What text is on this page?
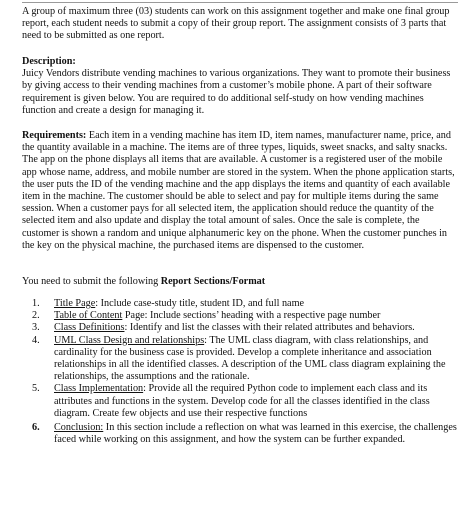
A group of maximum three (03) students can work on this assignment together and make one final group report, each student needs to submit a copy of their group report. The assignment consists of 3 parts that need to be submitted as one report.

Description:

Juicy Vendors distribute vending machines to various organizations. They want to promote their business by giving access to their vending machines from a customer’s mobile phone. A part of their software requirement is given below. You are required to do additional self-study on how vending machines function and create a design for managing it.

Requirements: Each item in a vending machine has item ID, item names, manufacturer name, price, and the quantity available in a machine. The items are of three types, liquids, sweet snacks, and salty snacks. The app on the phone displays all items that are available. A customer is a registered user of the mobile app whose name, address, and mobile number are stored in the system. When the phone application starts, the user puts the ID of the vending machine and the app displays the items and quantity of each available item in the machine. The customer should be able to select and pay for multiple items during the same session. When a customer pays for all selected item, the application should reduce the quantity of the selected item and also update and display the total amount of sales. Once the sale is complete, the customer is shown a random and unique alphanumeric key on the phone. When the customer punches in the key on the physical machine, the purchased items are dispensed to the customer.

You need to submit the following Report Sections/Format

1.	Title Page: Include case-study title, student ID, and full name
2.	Table of Content Page: Include sections’ heading with a respective page number
3.	Class Definitions: Identify and list the classes with their related attributes and behaviors.
4.	UML Class Design and relationships: The UML class diagram, with class relationships, and cardinality for the business case is provided. Develop a complete inheritance and association relationships in all the identified classes. A description of the UML class diagram explaining the relationships, the assumptions and the rationale.
5.	Class Implementation: Provide all the required Python code to implement each class and its attributes and functions in the system. Develop code for all the classes identified in the class diagram. Create few objects and use their respective functions
6.	Conclusion: In this section include a reflection on what was learned in this exercise, the challenges faced while working on this assignment, and how the system can be further expanded.
